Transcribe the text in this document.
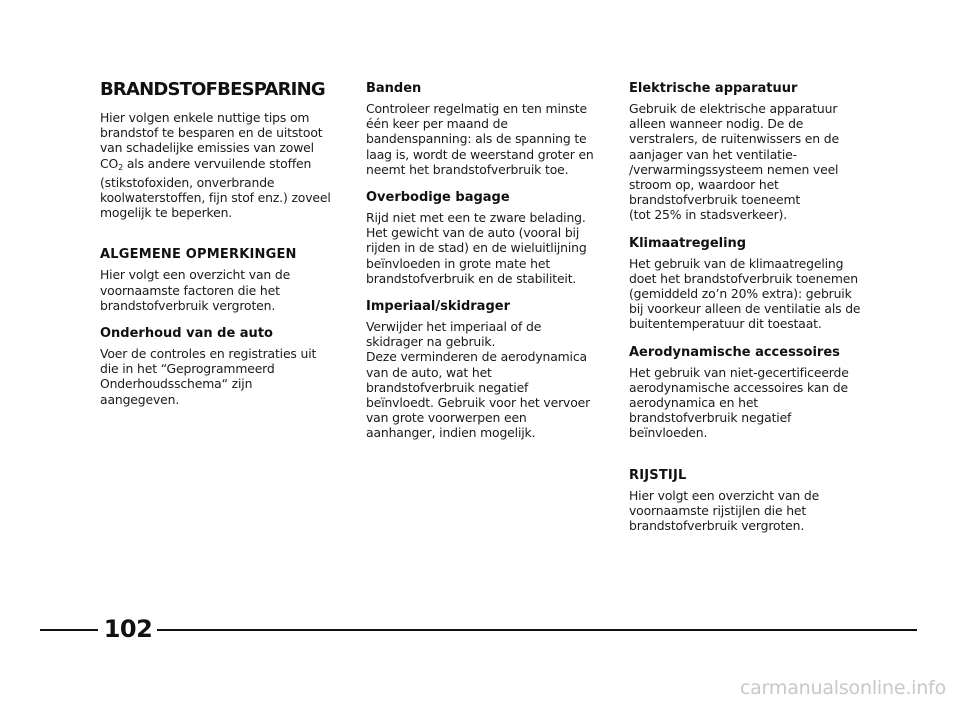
BRANDSTOFBESPARING

Hier volgen enkele nuttige tips om brandstof te besparen en de uitstoot van schadelijke emissies van zowel $CO_2$ als andere vervuilende stoffen (stikstofoxiden, onverbrande koolwaterstoffen, fijn stof enz.) zoveel mogelijk te beperken.

ALGEMENE OPMERKINGEN

Hier volgt een overzicht van de voornaamste factoren die het brandstofverbruik vergroten.

Onderhoud van de auto

Voer de controles en registraties uit die in het “Geprogrammeerd Onderhoudsschema“ zijn aangegeven.

Banden

Controleer regelmatig en ten minste één keer per maand de bandenspanning: als de spanning te laag is, wordt de weerstand groter en neemt het brandstofverbruik toe.

Overbodige bagage

Rijd niet met een te zware belading. Het gewicht van de auto (vooral bij rijden in de stad) en de wieluitlijning beïnvloeden in grote mate het brandstofverbruik en de stabiliteit.

Imperiaal/skidrager

Verwijder het imperiaal of de skidrager na gebruik.

Deze verminderen de aerodynamica van de auto, wat het brandstofverbruik negatief beïnvloedt. Gebruik voor het vervoer van grote voorwerpen een aanhanger, indien mogelijk.

Elektrische apparatuur

Gebruik de elektrische apparatuur alleen wanneer nodig. De de verstralers, de ruitenwissers en de aanjager van het ventilatie- /verwarmingssysteem nemen veel stroom op, waardoor het brandstofverbruik toeneemt

(tot 25% in stadsverkeer).

Klimaatregeling

Het gebruik van de klimaatregeling doet het brandstofverbruik toenemen (gemiddeld zo’n 20% extra): gebruik bij voorkeur alleen de ventilatie als de buitentemperatuur dit toestaat.

Aerodynamische accessoires

Het gebruik van niet-gecertificeerde aerodynamische accessoires kan de aerodynamica en het brandstofverbruik negatief beïnvloeden.

RIJSTIJL

Hier volgt een overzicht van de voornaamste rijstijlen die het brandstofverbruik vergroten.

102
carmanualsonline.info
